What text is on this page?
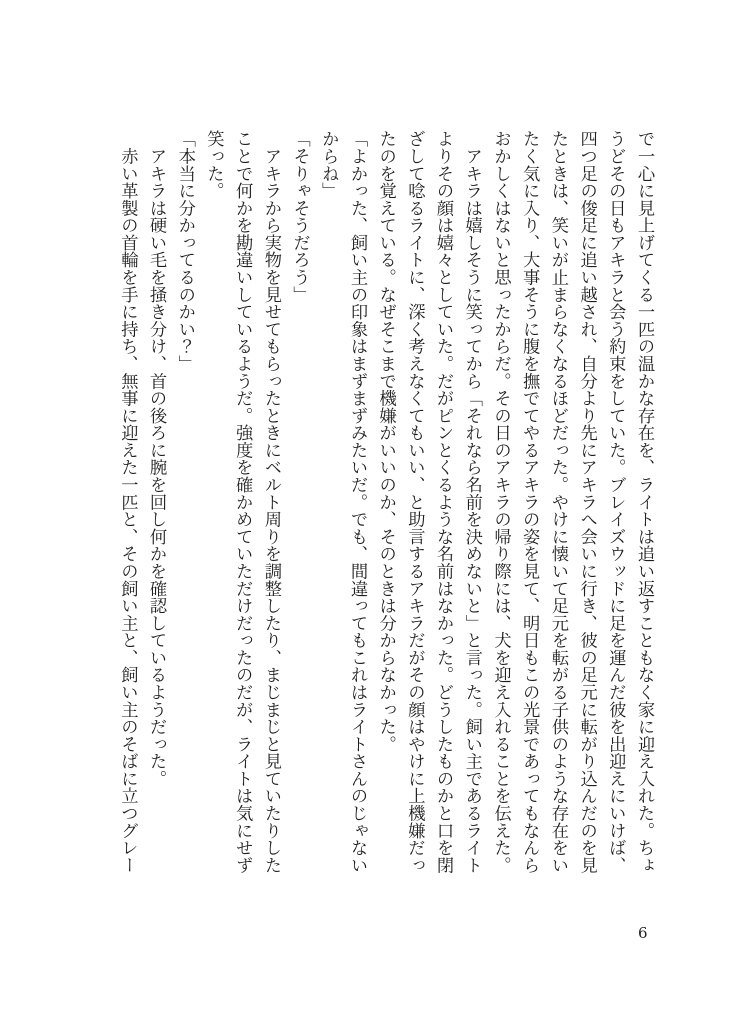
で一心に見上げてくる一匹の温かな存在を、ライトは追い返すこともなく家に迎え入れた。ちょ
うどその日もアキラと会う約束をしていた。ブレイズウッドに足を運んだ彼を出迎えにいけば、
四つ足の俊足に追い越され、自分より先にアキラへ会いに行き、彼の足元に転がり込んだのを見
たときは、笑いが止まらなくなるほどだった。やけに懐いて足元を転がる子供のような存在をい
たく気に入り、大事そうに腹を撫でてやるアキラの姿を見て、明日もこの光景であってもなんら
おかしくはないと思ったからだ。その日のアキラの帰り際には、犬を迎え入れることを伝えた。

　アキラは嬉しそうに笑ってから「それなら名前を決めないと」と言った。飼い主であるライト
よりその顔は嬉々としていた。だがピンとくるような名前はなかった。どうしたものかと口を閉
ざして唸るライトに、深く考えなくてもいい、と助言するアキラだがその顔はやけに上機嫌だっ
たのを覚えている。なぜそこまで機嫌がいいのか、そのときは分からなかった。

「よかった、飼い主の印象はまずまずみたいだ。でも、間違ってもこれはライトさんのじゃない
からね」

「そりゃそうだろう」

　アキラから実物を見せてもらったときにベルト周りを調整したり、まじまじと見ていたりした
ことで何かを勘違いしているようだ。強度を確かめていただけだったのだが、ライトは気にせず
笑った。

「本当に分かってるのかい？」

　アキラは硬い毛を掻き分け、首の後ろに腕を回し何かを確認しているようだった。

　赤い革製の首輪を手に持ち、無事に迎えた一匹と、その飼い主と、飼い主のそばに立つグレー

6
